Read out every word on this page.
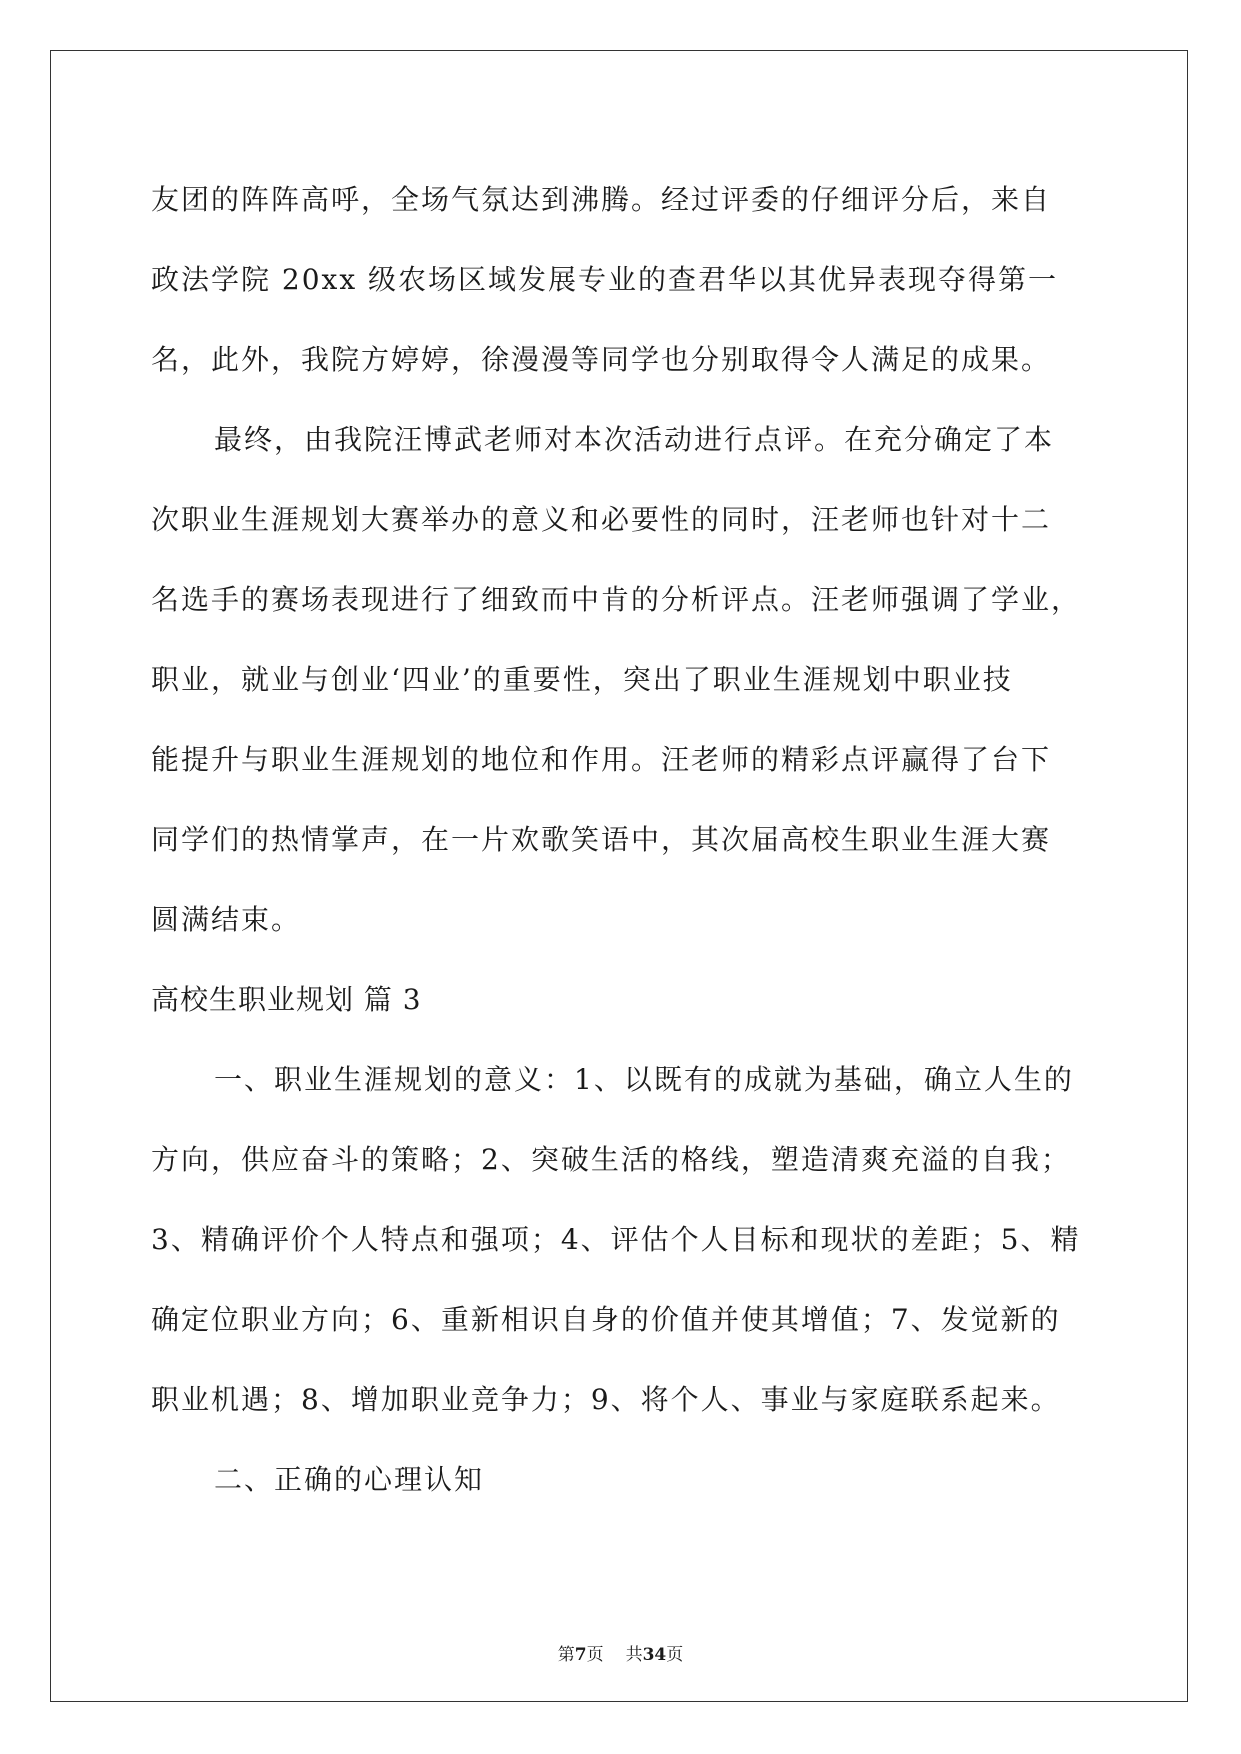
友团的阵阵高呼，全场气氛达到沸腾。经过评委的仔细评分后，来自

政法学院 20xx 级农场区域发展专业的查君华以其优异表现夺得第一

名，此外，我院方婷婷，徐漫漫等同学也分别取得令人满足的成果。

最终，由我院汪博武老师对本次活动进行点评。在充分确定了本

次职业生涯规划大赛举办的意义和必要性的同时，汪老师也针对十二

名选手的赛场表现进行了细致而中肯的分析评点。汪老师强调了学业，

职业，就业与创业‘四业’的重要性，突出了职业生涯规划中职业技

能提升与职业生涯规划的地位和作用。汪老师的精彩点评赢得了台下

同学们的热情掌声，在一片欢歌笑语中，其次届高校生职业生涯大赛

圆满结束。

高校生职业规划 篇 3

一、职业生涯规划的意义：1、以既有的成就为基础，确立人生的

方向，供应奋斗的策略；2、突破生活的格线，塑造清爽充溢的自我；

3、精确评价个人特点和强项；4、评估个人目标和现状的差距；5、精

确定位职业方向；6、重新相识自身的价值并使其增值；7、发觉新的

职业机遇；8、增加职业竞争力；9、将个人、事业与家庭联系起来。

二、正确的心理认知

第7页 共34页
